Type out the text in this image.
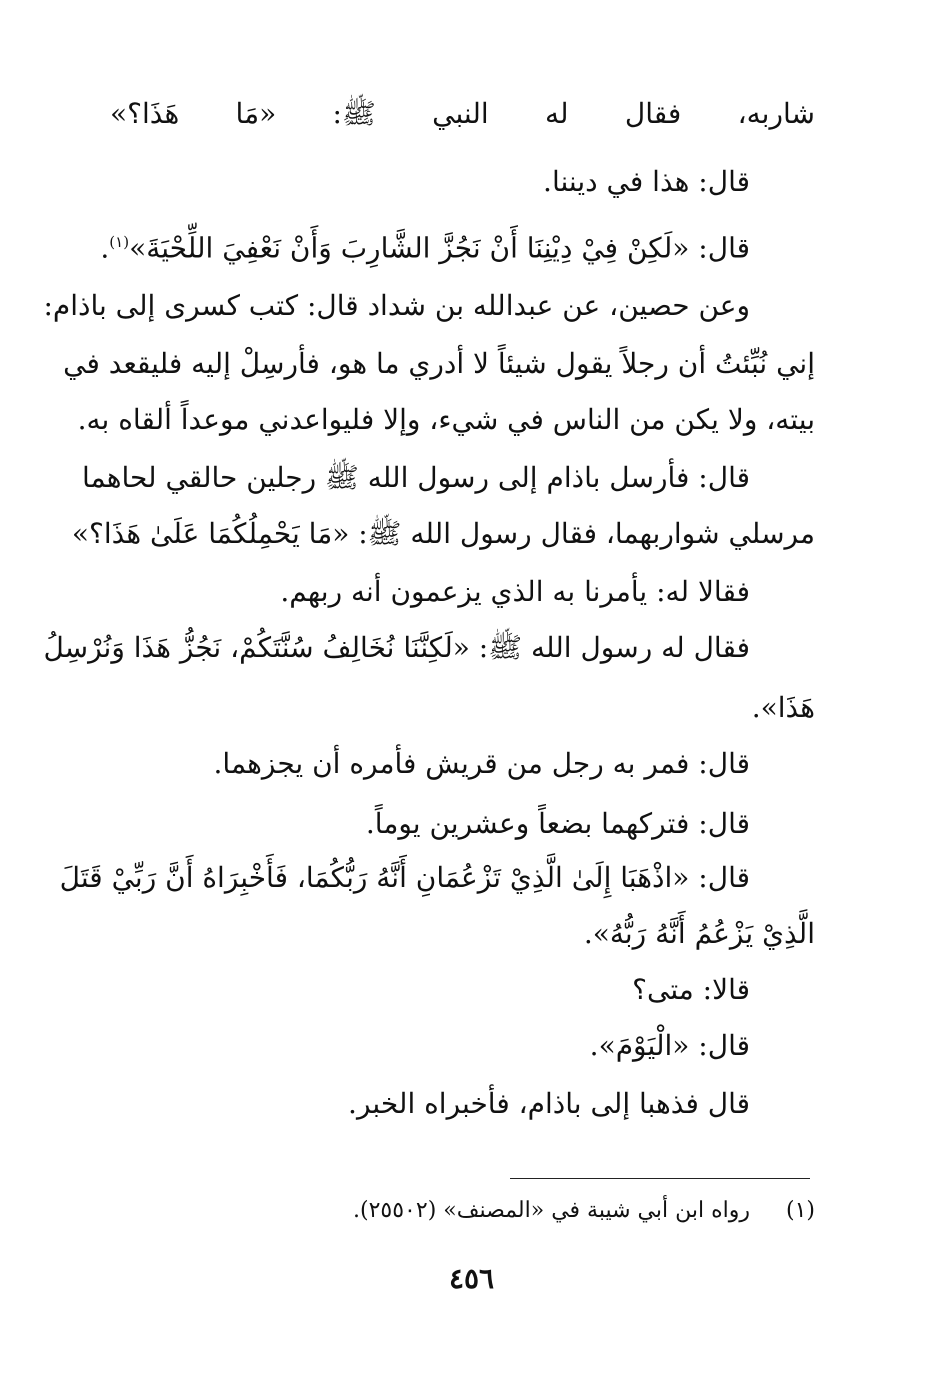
شاربه، فقال له النبي ﷺ: «مَا هَذَا؟»
قال: هذا في ديننا.
قال: «لَكِنْ فِيْ دِيْنِنَا أَنْ نَجُزَّ الشَّارِبَ وَأَنْ نَعْفِيَ اللِّحْيَةَ»$^{(١)}$.
وعن حصين، عن عبدالله بن شداد قال: كتب كسرى إلى باذام:
إني نُبِّئتُ أن رجلاً يقول شيئاً لا أدري ما هو، فأرسِلْ إليه فليقعد في
بيته، ولا يكن من الناس في شيء، وإلا فليواعدني موعداً ألقاه به.
قال: فأرسل باذام إلى رسول الله ﷺ رجلين حالقي لحاهما
مرسلي شواربهما، فقال رسول الله ﷺ: «مَا يَحْمِلُكُمَا عَلَىٰ هَذَا؟»
فقالا له: يأمرنا به الذي يزعمون أنه ربهم.
فقال له رسول الله ﷺ: «لَكِنَّنَا نُخَالِفُ سُنَّتَكُمْ، نَجُزُّ هَذَا وَنُرْسِلُ
هَذَا».
قال: فمر به رجل من قريش فأمره أن يجزهما.
قال: فتركهما بضعاً وعشرين يوماً.
قال: «اذْهَبَا إِلَىٰ الَّذِيْ تَزْعُمَانِ أَنَّهُ رَبُّكُمَا، فَأَخْبِرَاهُ أَنَّ رَبِّيْ قَتَلَ
الَّذِيْ يَزْعُمُ أَنَّهُ رَبُّهُ».
قالا: متى؟
قال: «الْيَوْمَ».
قال فذهبا إلى باذام، فأخبراه الخبر.
(١)  رواه ابن أبي شيبة في «المصنف» (٢٥٥٠٢).
٤٥٦
